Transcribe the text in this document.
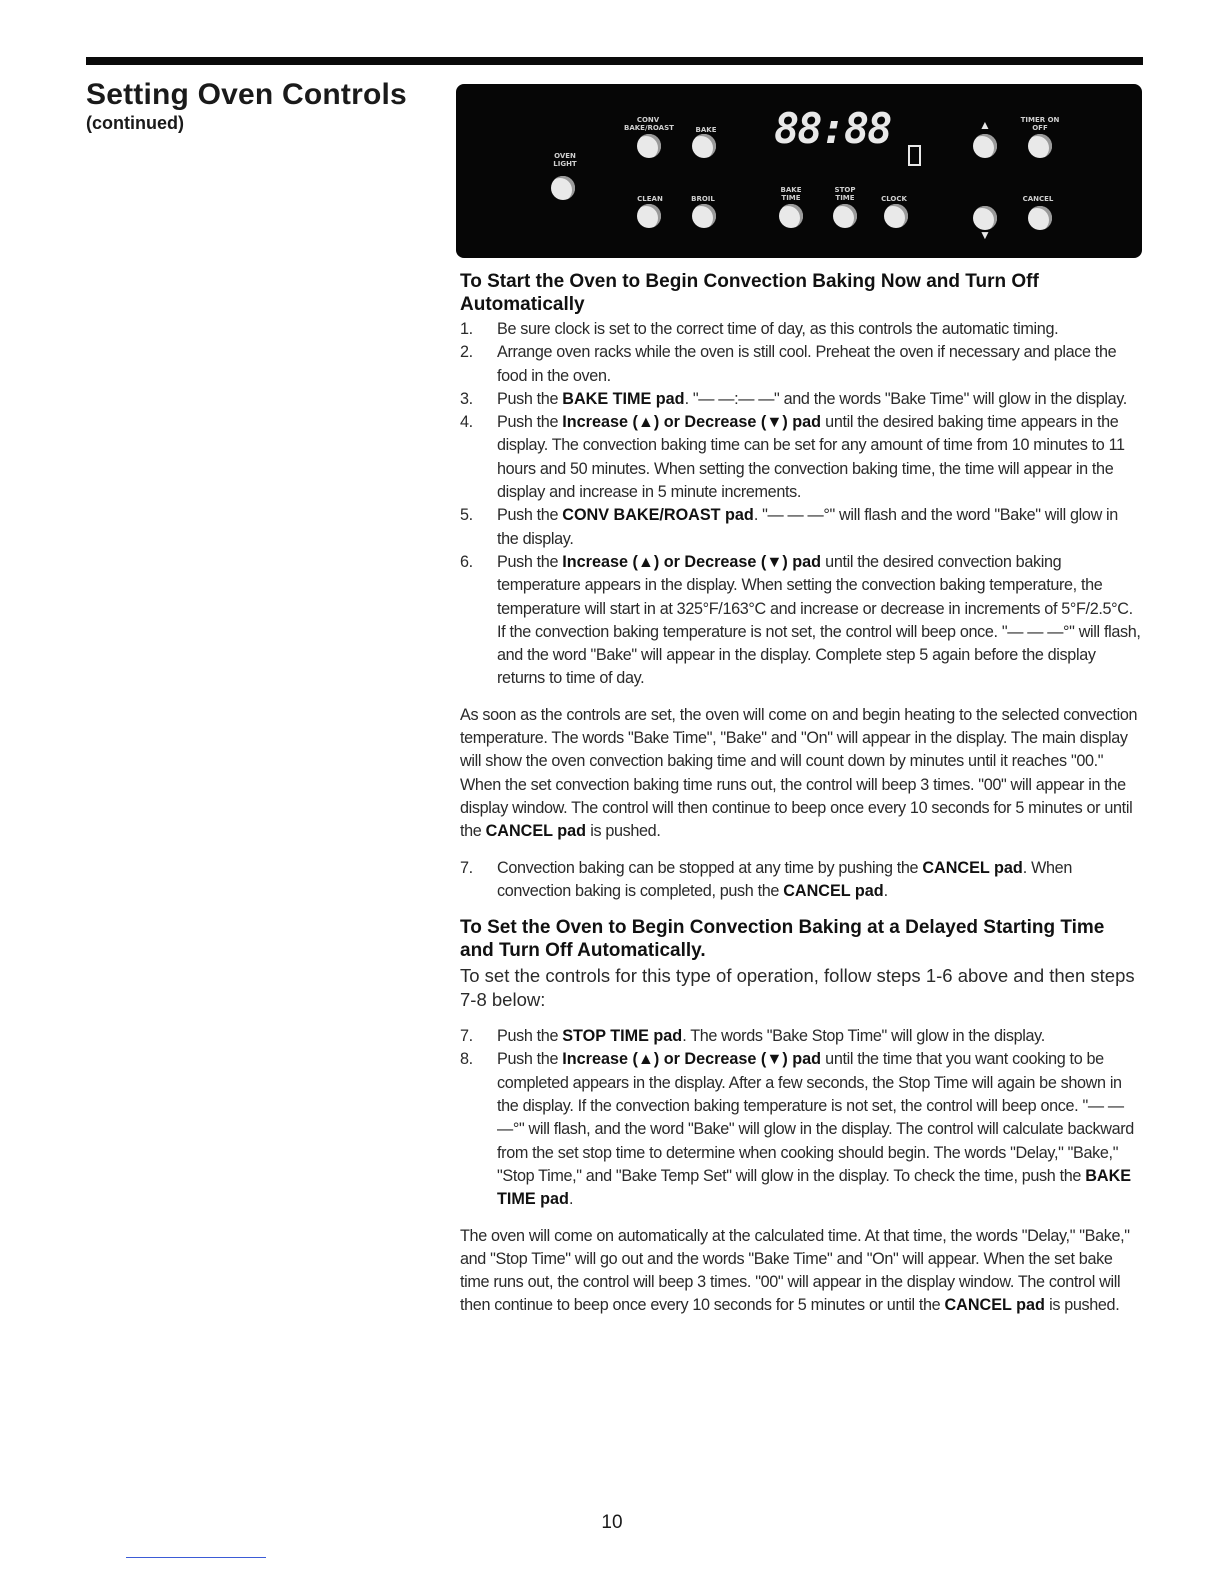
Setting Oven Controls
(continued)
OVEN LIGHT
CONV BAKE/ROAST	BAKE 88:88
CLEAN	BROIL
BAKE TIME
STOP TIME	CLOCK
▲
▼
TIMER ON OFF
CANCEL
To Start the Oven to Begin Convection Baking Now and Turn Off Automatically
1. Be sure clock is set to the correct time of day, as this controls the automatic timing.
2. Arrange oven racks while the oven is still cool. Preheat the oven if necessary and place the food in the oven.
3. Push the BAKE TIME pad. "— —:— —" and the words "Bake Time" will glow in the display.
4. Push the Increase (▲) or Decrease (▼) pad until the desired baking time appears in the display. The convection baking time can be set for any amount of time from 10 minutes to 11 hours and 50 minutes. When setting the convection baking time, the time will appear in the display and increase in 5 minute increments.
5. Push the CONV BAKE/ROAST pad. "— — —°" will flash and the word "Bake" will glow in the display.
6. Push the Increase (▲) or Decrease (▼) pad until the desired convection baking temperature appears in the display. When setting the convection baking temperature, the temperature will start in at 325°F/163°C and increase or decrease in increments of 5°F/2.5°C. If the convection baking temperature is not set, the control will beep once. "— — —°" will flash, and the word "Bake" will appear in the display. Complete step 5 again before the display returns to time of day.

As soon as the controls are set, the oven will come on and begin heating to the selected convection temperature. The words "Bake Time", "Bake" and "On" will appear in the display. The main display will show the oven convection baking time and will count down by minutes until it reaches "00." When the set convection baking time runs out, the control will beep 3 times. "00" will appear in the display window. The control will then continue to beep once every 10 seconds for 5 minutes or until the CANCEL pad is pushed.

7. Convection baking can be stopped at any time by pushing the CANCEL pad. When convection baking is completed, push the CANCEL pad.
To Set the Oven to Begin Convection Baking at a Delayed Starting Time and Turn Off Automatically.

To set the controls for this type of operation, follow steps 1-6 above and then steps 7-8 below:

7. Push the STOP TIME pad. The words "Bake Stop Time" will glow in the display.
8. Push the Increase (▲) or Decrease (▼) pad until the time that you want cooking to be completed appears in the display. After a few seconds, the Stop Time will again be shown in the display. If the convection baking temperature is not set, the control will beep once. "— — —°" will flash, and the word "Bake" will glow in the display. The control will calculate backward from the set stop time to determine when cooking should begin. The words "Delay," "Bake," "Stop Time," and "Bake Temp Set" will glow in the display. To check the time, push the BAKE TIME pad.

The oven will come on automatically at the calculated time. At that time, the words "Delay," "Bake," and "Stop Time" will go out and the words "Bake Time" and "On" will appear. When the set bake time runs out, the control will beep 3 times. "00" will appear in the display window. The control will then continue to beep once every 10 seconds for 5 minutes or until the CANCEL pad is pushed.

10
